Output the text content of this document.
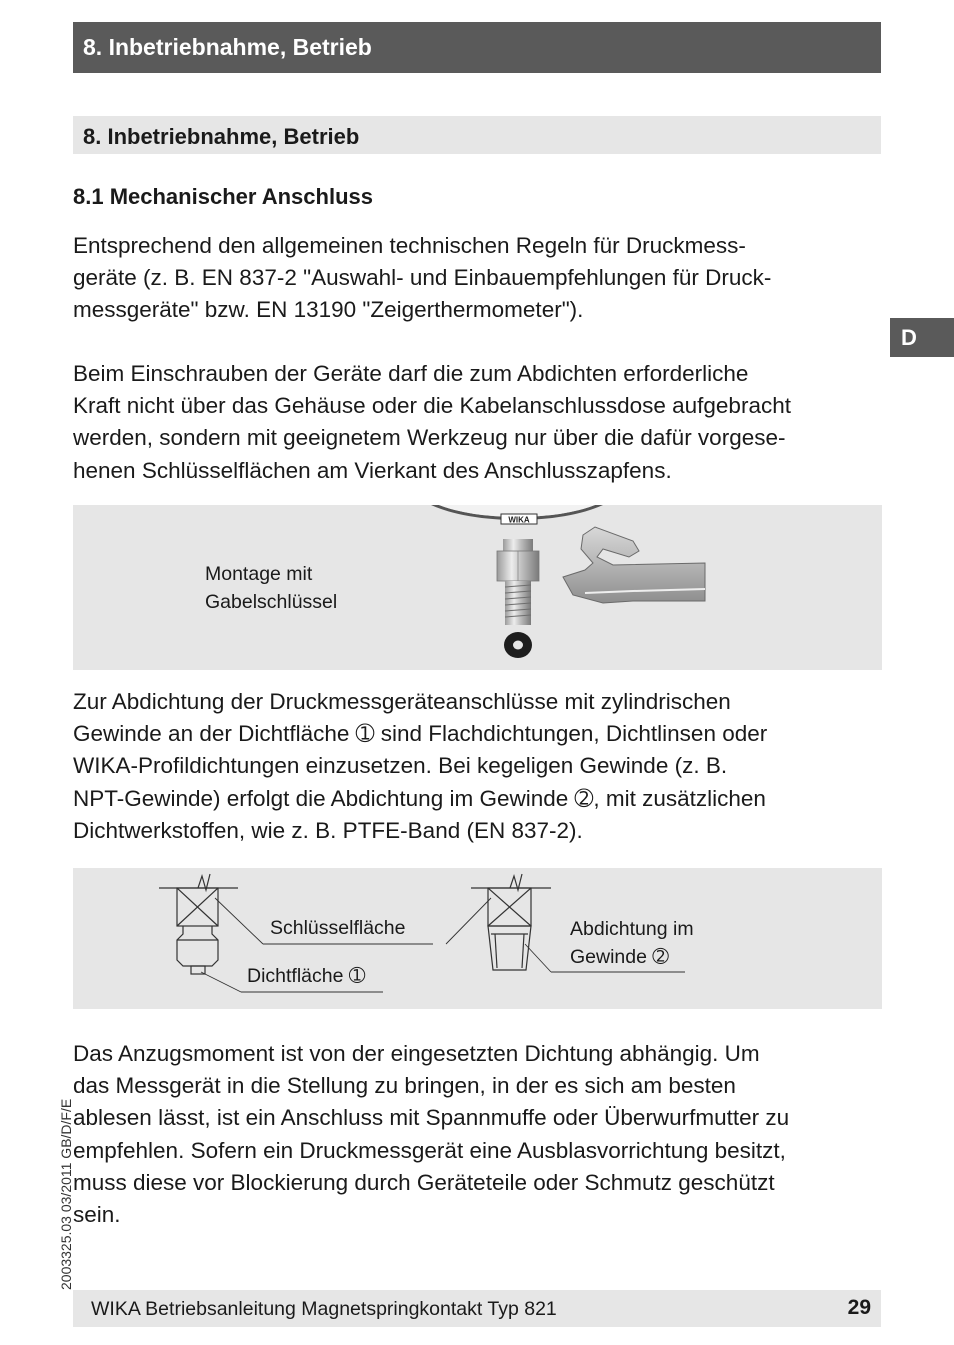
8. Inbetriebnahme, Betrieb
8. Inbetriebnahme, Betrieb
D
8.1 Mechanischer Anschluss
Entsprechend den allgemeinen technischen Regeln für Druckmess-
geräte (z. B. EN 837-2 "Auswahl- und Einbauempfehlungen für Druck-
messgeräte" bzw. EN 13190 "Zeigerthermometer").
Beim Einschrauben der Geräte darf die zum Abdichten erforderliche
Kraft nicht über das Gehäuse oder die Kabelanschlussdose aufgebracht
werden, sondern mit geeignetem Werkzeug nur über die dafür vorgese-
henen Schlüsselflächen am Vierkant des Anschlusszapfens.
Montage mit
Gabelschlüssel
WIKA
Zur Abdichtung der Druckmessgeräteanschlüsse mit zylindrischen
Gewinde an der Dichtfläche ➀ sind Flachdichtungen, Dichtlinsen oder
WIKA-Profildichtungen einzusetzen. Bei kegeligen Gewinde (z. B.
NPT-Gewinde) erfolgt die Abdichtung im Gewinde ➁, mit zusätzlichen
Dichtwerkstoffen, wie z. B. PTFE-Band (EN 837-2).
Schlüsselfläche
Dichtfläche ➀
Abdichtung im
Gewinde ➁
Das Anzugsmoment ist von der eingesetzten Dichtung abhängig. Um
das Messgerät in die Stellung zu bringen, in der es sich am besten
ablesen lässt, ist ein Anschluss mit Spannmuffe oder Überwurfmutter zu
empfehlen. Sofern ein Druckmessgerät eine Ausblasvorrichtung besitzt,
muss diese vor Blockierung durch Geräteteile oder Schmutz geschützt
sein.
2003325.03 03/2011 GB/D/F/E
WIKA Betriebsanleitung Magnetspringkontakt Typ 821	29
